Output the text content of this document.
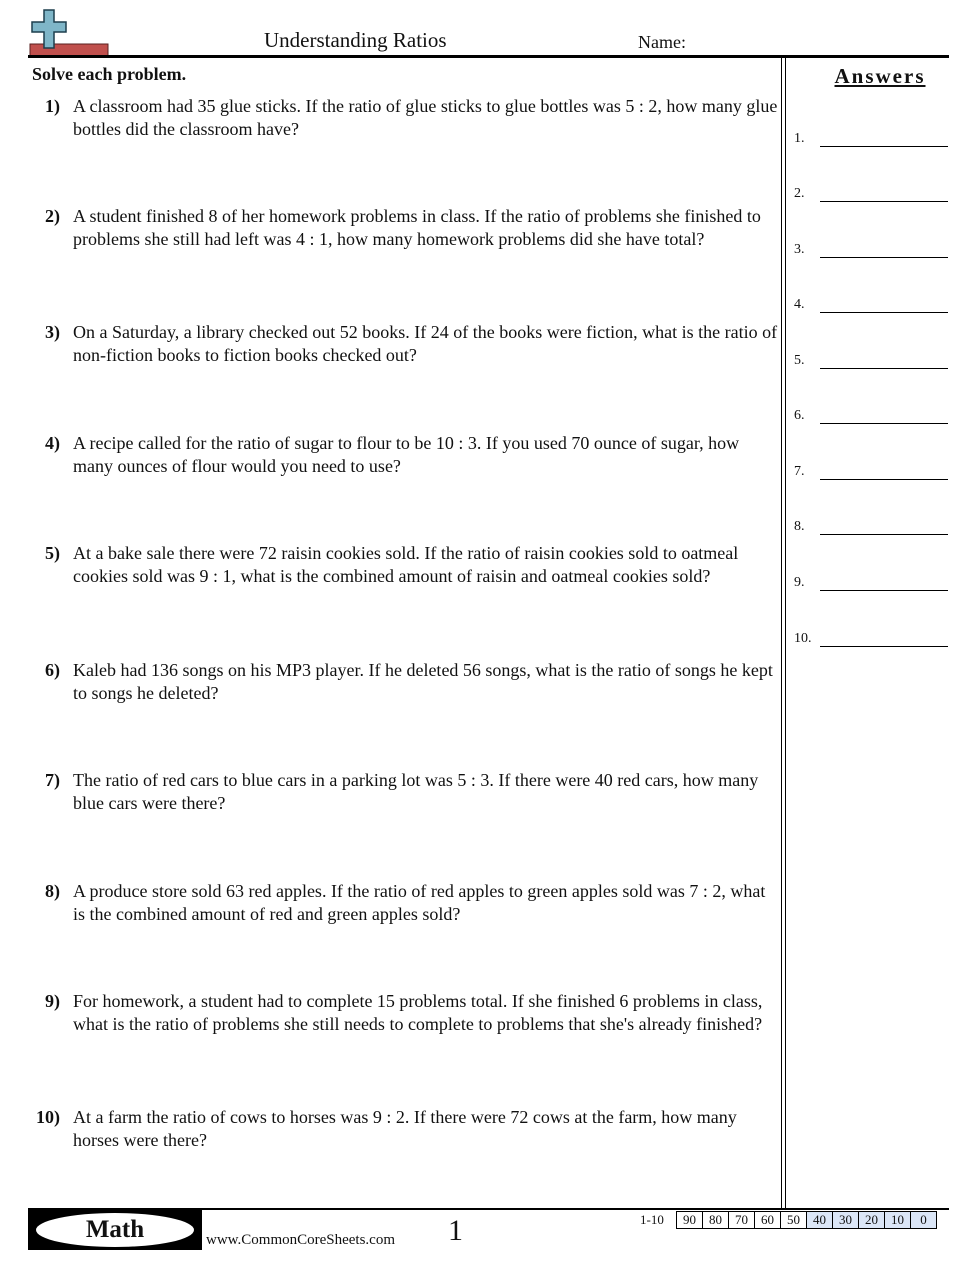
Understanding Ratios	Name:
Solve each problem.
1) A classroom had 35 glue sticks. If the ratio of glue sticks to glue bottles was 5 : 2, how many glue bottles did the classroom have?
2) A student finished 8 of her homework problems in class. If the ratio of problems she finished to problems she still had left was 4 : 1, how many homework problems did she have total?
3) On a Saturday, a library checked out 52 books. If 24 of the books were fiction, what is the ratio of non-fiction books to fiction books checked out?
4) A recipe called for the ratio of sugar to flour to be 10 : 3. If you used 70 ounce of sugar, how many ounces of flour would you need to use?
5) At a bake sale there were 72 raisin cookies sold. If the ratio of raisin cookies sold to oatmeal cookies sold was 9 : 1, what is the combined amount of raisin and oatmeal cookies sold?
6) Kaleb had 136 songs on his MP3 player. If he deleted 56 songs, what is the ratio of songs he kept to songs he deleted?
7) The ratio of red cars to blue cars in a parking lot was 5 : 3. If there were 40 red cars, how many blue cars were there?
8) A produce store sold 63 red apples. If the ratio of red apples to green apples sold was 7 : 2, what is the combined amount of red and green apples sold?
9) For homework, a student had to complete 15 problems total. If she finished 6 problems in class, what is the ratio of problems she still needs to complete to problems that she's already finished?
10) At a farm the ratio of cows to horses was 9 : 2. If there were 72 cows at the farm, how many horses were there?
Answers
1.
2.
3.
4.
5.
6.
7.
8.
9.
10.
Math	www.CommonCoreSheets.com 1	1-10 90	80	70	60	50	40	30	20	10	0
